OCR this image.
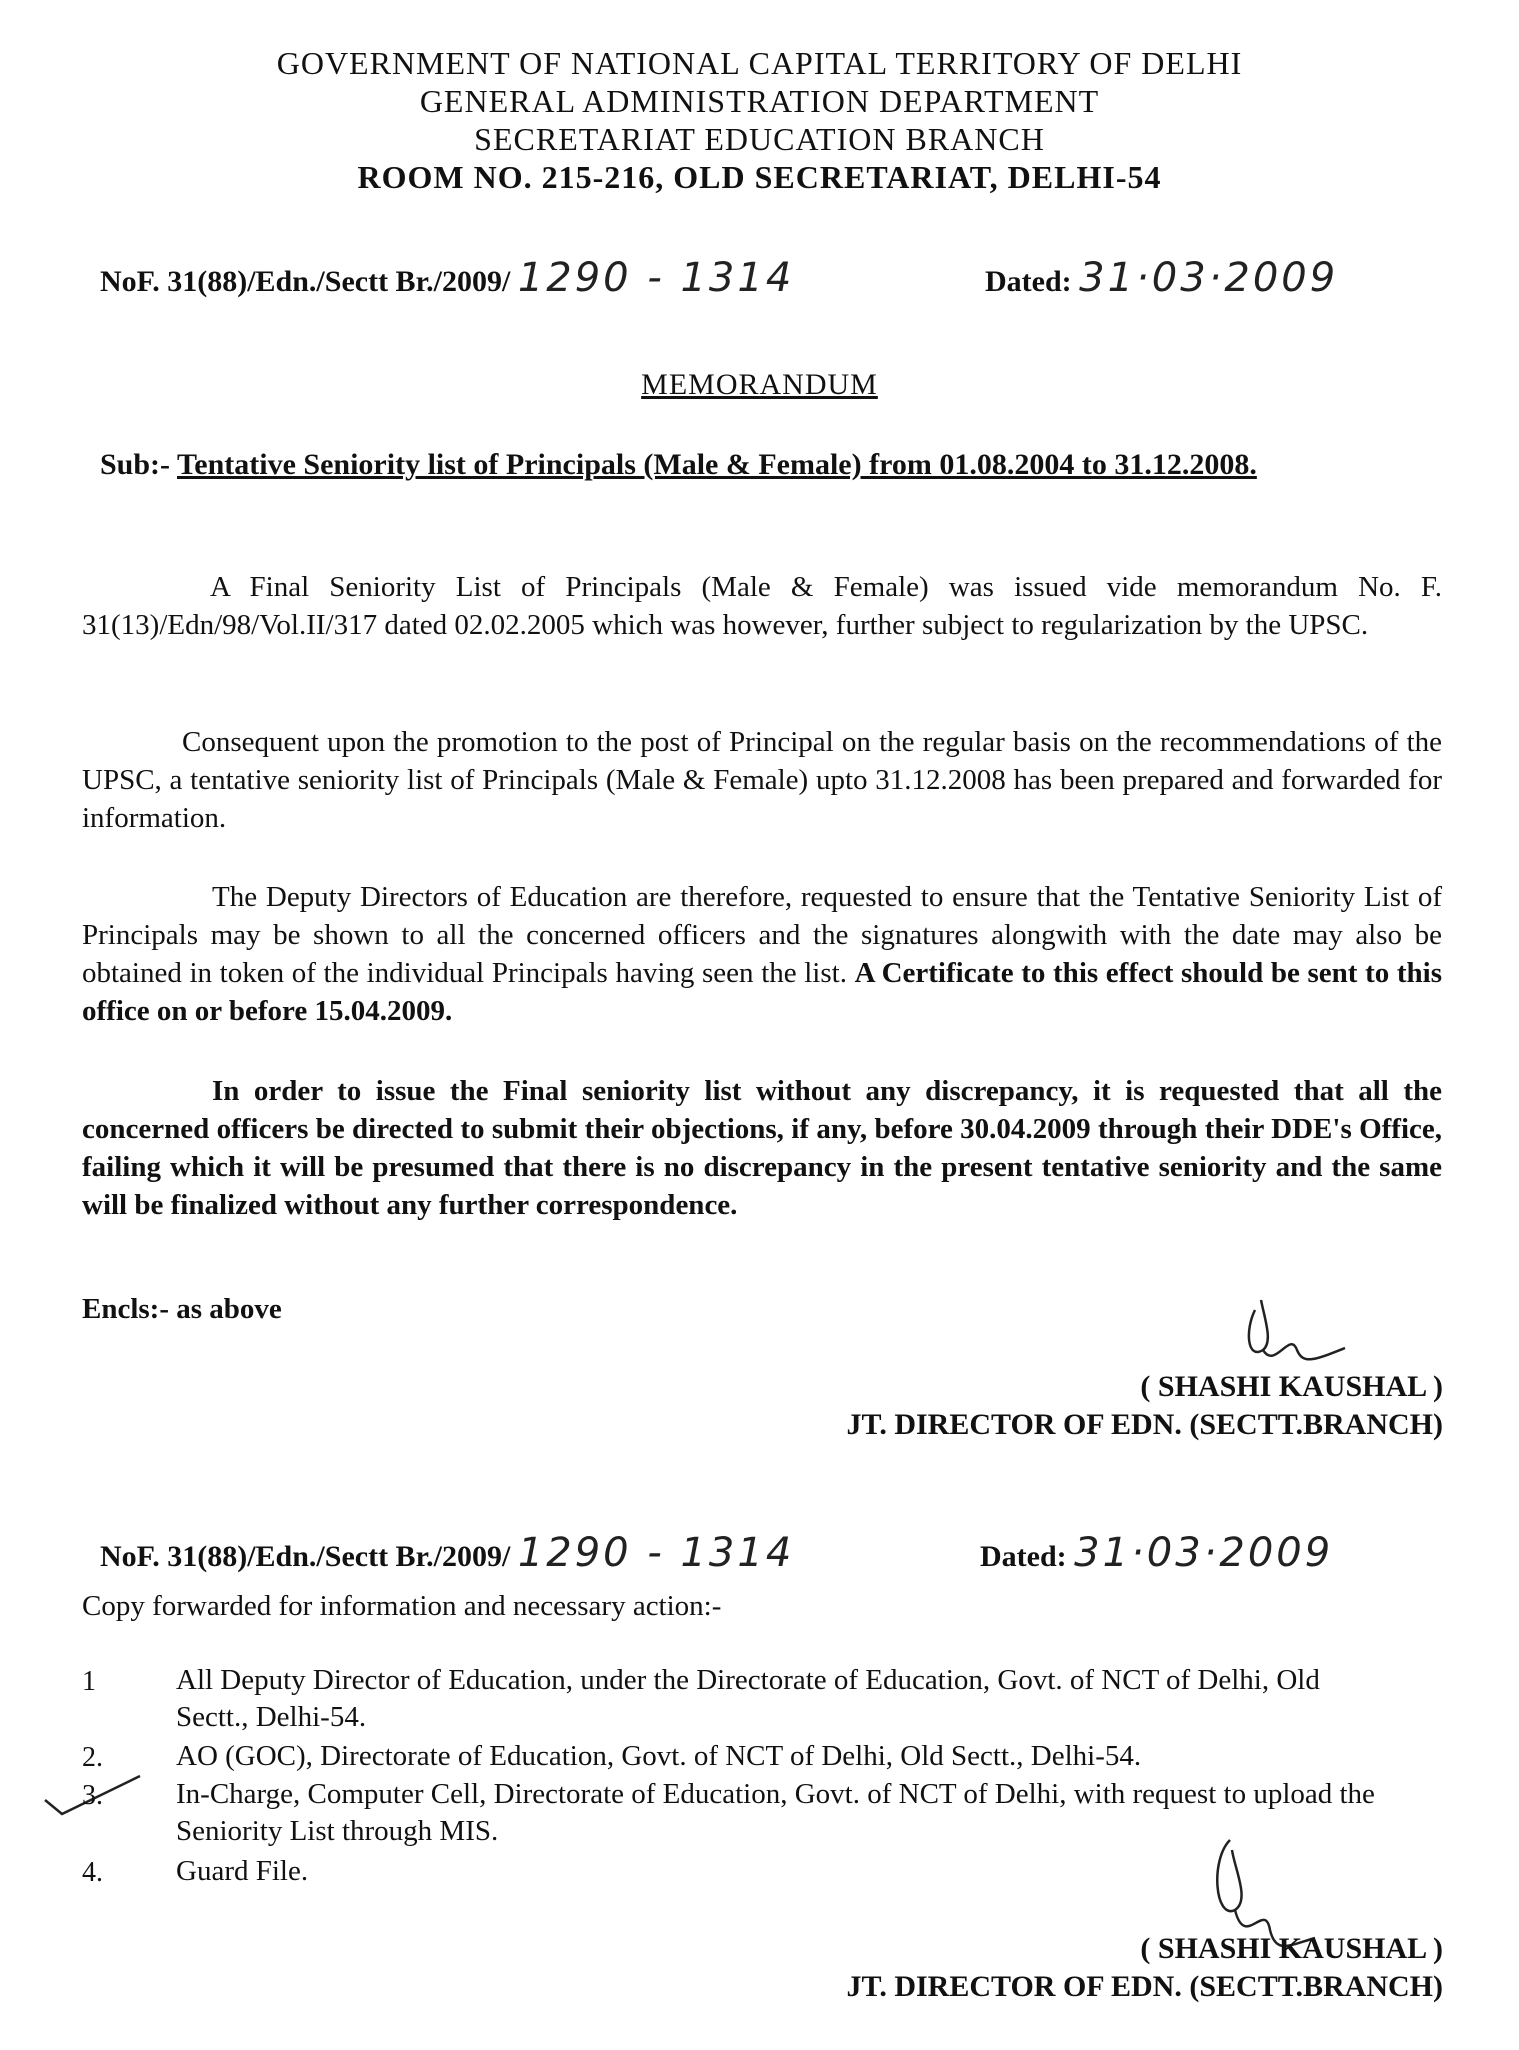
GOVERNMENT OF NATIONAL CAPITAL TERRITORY OF DELHI
GENERAL ADMINISTRATION DEPARTMENT
SECRETARIAT EDUCATION BRANCH
ROOM NO. 215-216, OLD SECRETARIAT, DELHI-54
NoF. 31(88)/Edn./Sectt Br./2009/ 1290 - 1314	Dated: 31·03·2009
MEMORANDUM
Sub:- Tentative Seniority list of Principals (Male & Female) from 01.08.2004 to 31.12.2008.
A Final Seniority List of Principals (Male & Female) was issued vide memorandum No. F. 31(13)/Edn/98/Vol.II/317 dated 02.02.2005 which was however, further subject to regularization by the UPSC.
Consequent upon the promotion to the post of Principal on the regular basis on the recommendations of the UPSC, a tentative seniority list of Principals (Male & Female) upto 31.12.2008 has been prepared and forwarded for information.
The Deputy Directors of Education are therefore, requested to ensure that the Tentative Seniority List of Principals may be shown to all the concerned officers and the signatures alongwith with the date may also be obtained in token of the individual Principals having seen the list. A Certificate to this effect should be sent to this office on or before 15.04.2009.
In order to issue the Final seniority list without any discrepancy, it is requested that all the concerned officers be directed to submit their objections, if any, before 30.04.2009 through their DDE's Office, failing which it will be presumed that there is no discrepancy in the present tentative seniority and the same will be finalized without any further correspondence.
Encls:- as above
( SHASHI KAUSHAL )
JT. DIRECTOR OF EDN. (SECTT.BRANCH)
NoF. 31(88)/Edn./Sectt Br./2009/ 1290 - 1314	Dated: 31·03·2009
Copy forwarded for information and necessary action:-
1	All Deputy Director of Education, under the Directorate of Education, Govt. of NCT of Delhi, Old Sectt., Delhi-54.
2.	AO (GOC), Directorate of Education, Govt. of NCT of Delhi, Old Sectt., Delhi-54.
3.	In-Charge, Computer Cell, Directorate of Education, Govt. of NCT of Delhi, with request to upload the Seniority List through MIS.
4.	Guard File.
( SHASHI KAUSHAL )
JT. DIRECTOR OF EDN. (SECTT.BRANCH)
